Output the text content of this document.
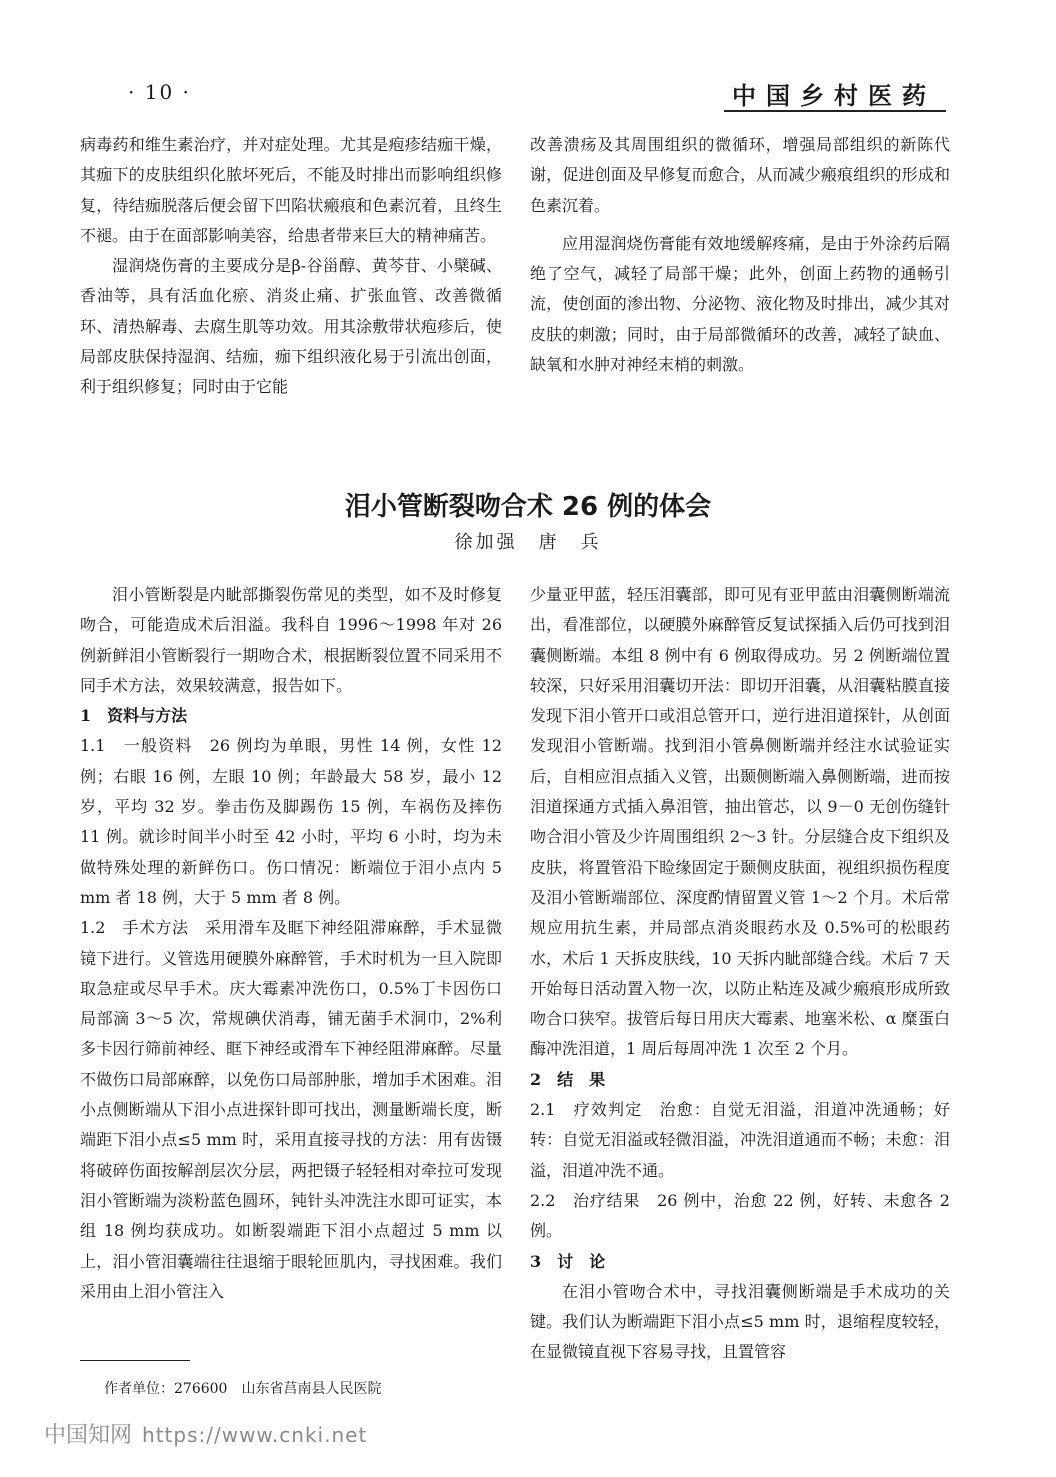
· 10 ·	中国乡村医药

病毒药和维生素治疗，并对症处理。尤其是疱疹结痂干燥，其痂下的皮肤组织化脓坏死后，不能及时排出而影响组织修复，待结痂脱落后便会留下凹陷状瘢痕和色素沉着，且终生不褪。由于在面部影响美容，给患者带来巨大的精神痛苦。

湿润烧伤膏的主要成分是β-谷甾醇、黄芩苷、小檗碱、香油等，具有活血化瘀、消炎止痛、扩张血管、改善微循环、清热解毒、去腐生肌等功效。用其涂敷带状疱疹后，使局部皮肤保持湿润、结痂，痂下组织液化易于引流出创面，利于组织修复；同时由于它能

改善溃疡及其周围组织的微循环，增强局部组织的新陈代谢，促进创面及早修复而愈合，从而减少瘢痕组织的形成和色素沉着。

应用湿润烧伤膏能有效地缓解疼痛，是由于外涂药后隔绝了空气，减轻了局部干燥；此外，创面上药物的通畅引流，使创面的渗出物、分泌物、液化物及时排出，减少其对皮肤的刺激；同时，由于局部微循环的改善，减轻了缺血、缺氧和水肿对神经末梢的刺激。

泪小管断裂吻合术 26 例的体会
徐加强　唐　兵

泪小管断裂是内眦部撕裂伤常见的类型，如不及时修复吻合，可能造成术后泪溢。我科自 1996～1998 年对 26 例新鲜泪小管断裂行一期吻合术，根据断裂位置不同采用不同手术方法，效果较满意，报告如下。

1　资料与方法

1.1　一般资料　26 例均为单眼，男性 14 例，女性 12 例；右眼 16 例，左眼 10 例；年龄最大 58 岁，最小 12 岁，平均 32 岁。拳击伤及脚踢伤 15 例，车祸伤及摔伤 11 例。就诊时间半小时至 42 小时，平均 6 小时，均为未做特殊处理的新鲜伤口。伤口情况：断端位于泪小点内 5 mm 者 18 例，大于 5 mm 者 8 例。

1.2　手术方法　采用滑车及眶下神经阻滞麻醉，手术显微镜下进行。义管选用硬膜外麻醉管，手术时机为一旦入院即取急症或尽早手术。庆大霉素冲洗伤口，0.5%丁卡因伤口局部滴 3～5 次，常规碘伏消毒，铺无菌手术洞巾，2%利多卡因行筛前神经、眶下神经或滑车下神经阻滞麻醉。尽量不做伤口局部麻醉，以免伤口局部肿胀，增加手术困难。泪小点侧断端从下泪小点进探针即可找出，测量断端长度，断端距下泪小点≤5 mm 时，采用直接寻找的方法：用有齿镊将破碎伤面按解剖层次分层，两把镊子轻轻相对牵拉可发现泪小管断端为淡粉蓝色圆环，钝针头冲洗注水即可证实，本组 18 例均获成功。如断裂端距下泪小点超过 5 mm 以上，泪小管泪囊端往往退缩于眼轮匝肌内，寻找困难。我们采用由上泪小管注入

少量亚甲蓝，轻压泪囊部，即可见有亚甲蓝由泪囊侧断端流出，看准部位，以硬膜外麻醉管反复试探插入后仍可找到泪囊侧断端。本组 8 例中有 6 例取得成功。另 2 例断端位置较深，只好采用泪囊切开法：即切开泪囊，从泪囊粘膜直接发现下泪小管开口或泪总管开口，逆行进泪道探针，从创面发现泪小管断端。找到泪小管鼻侧断端并经注水试验证实后，自相应泪点插入义管，出颞侧断端入鼻侧断端，进而按泪道探通方式插入鼻泪管，抽出管芯，以 9－0 无创伤缝针吻合泪小管及少许周围组织 2～3 针。分层缝合皮下组织及皮肤，将置管沿下睑缘固定于颞侧皮肤面，视组织损伤程度及泪小管断端部位、深度酌情留置义管 1～2 个月。术后常规应用抗生素，并局部点消炎眼药水及 0.5%可的松眼药水，术后 1 天拆皮肤线，10 天拆内眦部缝合线。术后 7 天开始每日活动置入物一次，以防止粘连及减少瘢痕形成所致吻合口狭窄。拔管后每日用庆大霉素、地塞米松、α 糜蛋白酶冲洗泪道，1 周后每周冲洗 1 次至 2 个月。

2　结　果

2.1　疗效判定　治愈：自觉无泪溢，泪道冲洗通畅；好转：自觉无泪溢或轻微泪溢，冲洗泪道通而不畅；未愈：泪溢，泪道冲洗不通。

2.2　治疗结果　26 例中，治愈 22 例，好转、未愈各 2 例。

3　讨　论

在泪小管吻合术中，寻找泪囊侧断端是手术成功的关键。我们认为断端距下泪小点≤5 mm 时，退缩程度较轻，在显微镜直视下容易寻找，且置管容

作者单位：276600　山东省莒南县人民医院
中国知网 https://www.cnki.net
